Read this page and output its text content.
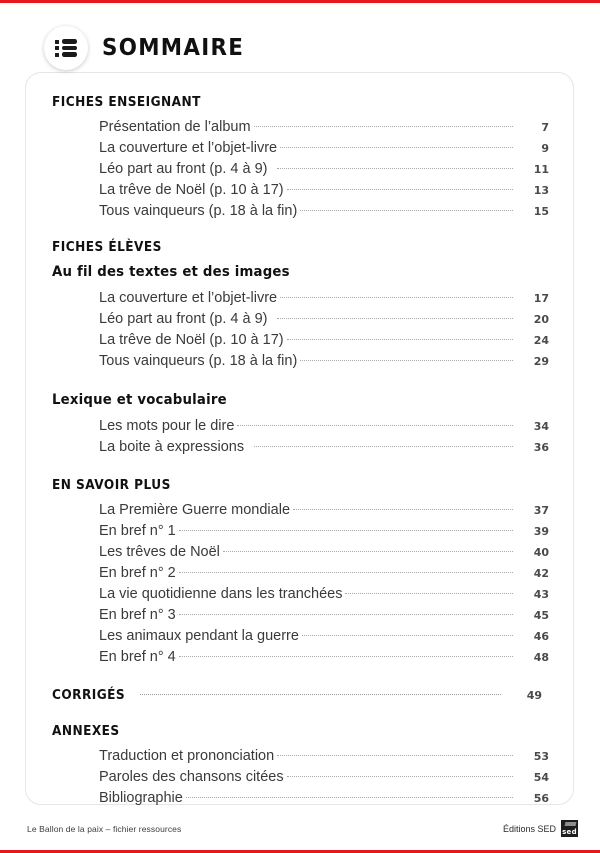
SOMMAIRE
FICHES ENSEIGNANT
Présentation de l’album	7
La couverture et l’objet-livre	9
Léo part au front (p. 4 à 9)	11
La trêve de Noël (p. 10 à 17)	13
Tous vainqueurs (p. 18 à la fin)	15
FICHES ÉLÈVES
Au fil des textes et des images
La couverture et l’objet-livre	17
Léo part au front (p. 4 à 9)	20
La trêve de Noël (p. 10 à 17)	24
Tous vainqueurs (p. 18 à la fin)	29
Lexique et vocabulaire
Les mots pour le dire	34
La boite à expressions	36
EN SAVOIR PLUS
La Première Guerre mondiale	37
En bref n° 1	39
Les trêves de Noël	40
En bref n° 2	42
La vie quotidienne dans les tranchées	43
En bref n° 3	45
Les animaux pendant la guerre	46
En bref n° 4	48
CORRIGÉS	49
ANNEXES
Traduction et prononciation	53
Paroles des chansons citées	54
Bibliographie	56
Le Ballon de la paix – fichier ressources	Éditions SED sed
